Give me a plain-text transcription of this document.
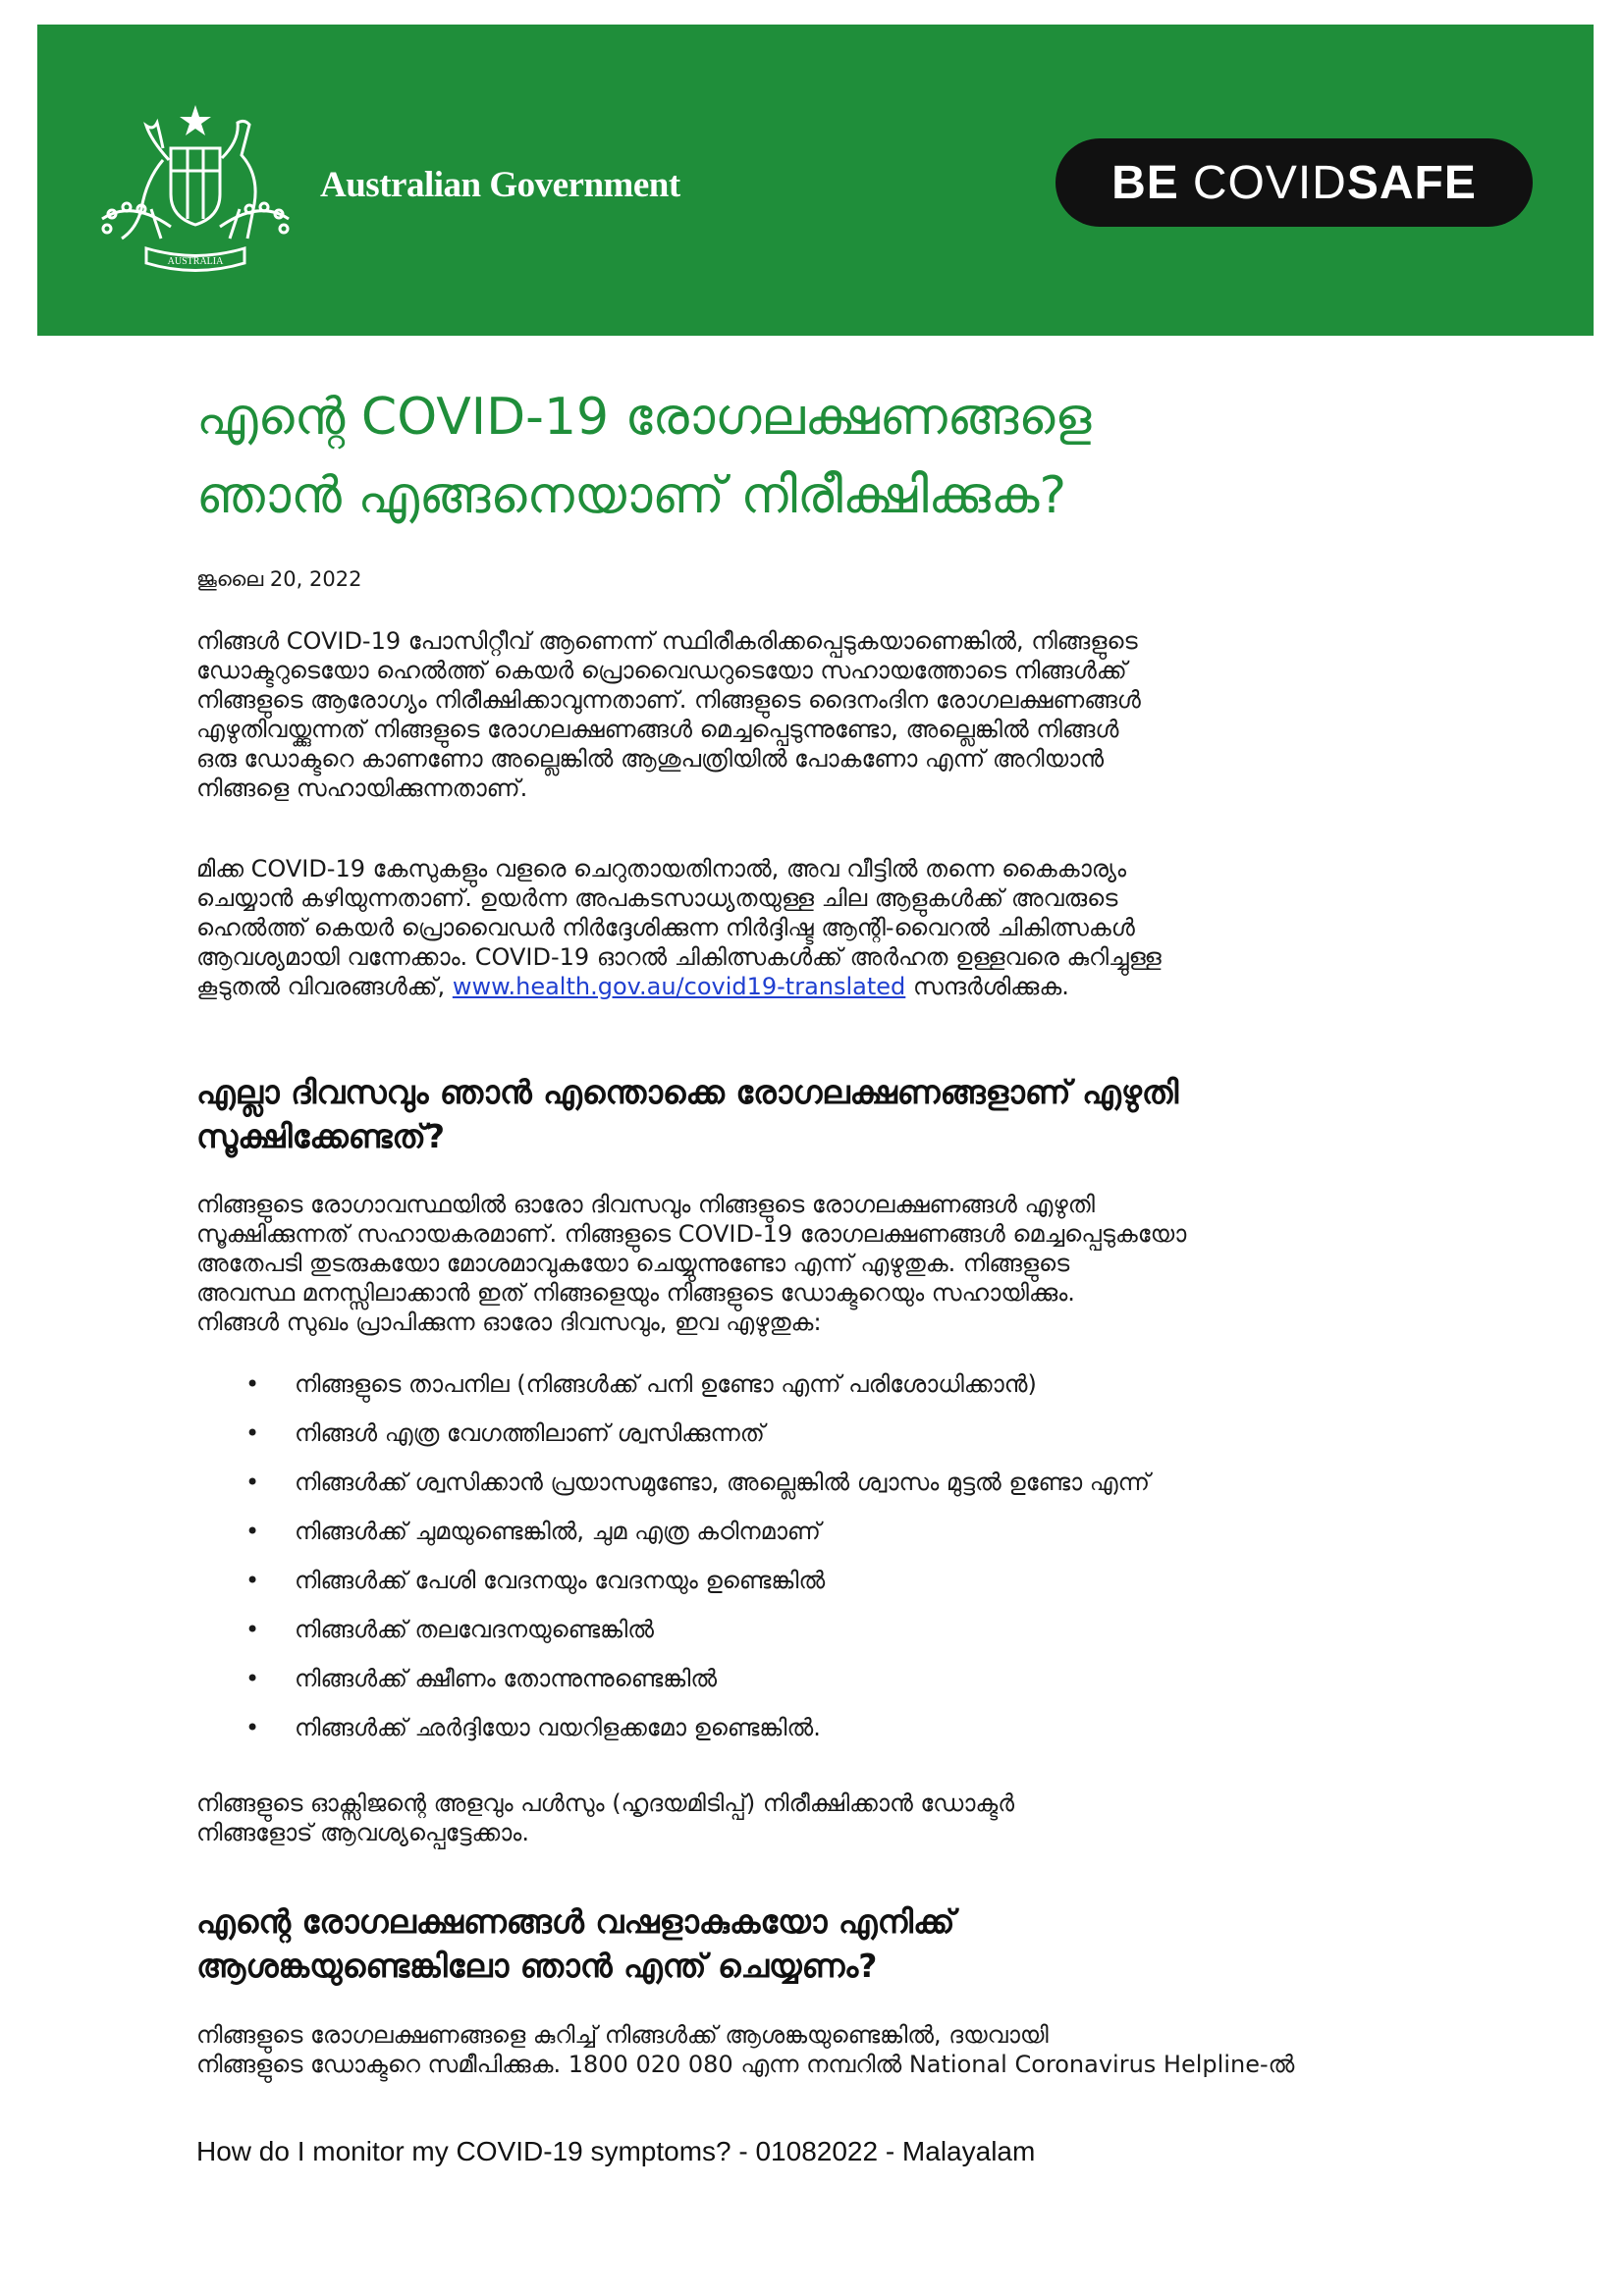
AUSTRALIA
Australian Government	BE COVID SAFE
എന്റെ COVID-19 രോഗലക്ഷണങ്ങളെ
ഞാൻ എങ്ങനെയാണ് നിരീക്ഷിക്കുക?
ജൂലൈ 20, 2022

നിങ്ങൾ COVID-19 പോസിറ്റീവ് ആണെന്ന് സ്ഥിരീകരിക്കപ്പെടുകയാണെങ്കിൽ, നിങ്ങളുടെ
ഡോക്ടറുടെയോ ഹെൽത്ത് കെയർ പ്രൊവൈഡറുടെയോ സഹായത്തോടെ നിങ്ങൾക്ക്
നിങ്ങളുടെ ആരോഗ്യം നിരീക്ഷിക്കാവുന്നതാണ്. നിങ്ങളുടെ ദൈനംദിന രോഗലക്ഷണങ്ങൾ
എഴുതിവയ്ക്കുന്നത് നിങ്ങളുടെ രോഗലക്ഷണങ്ങൾ മെച്ചപ്പെടുന്നുണ്ടോ, അല്ലെങ്കിൽ നിങ്ങൾ
ഒരു ഡോക്ടറെ കാണണോ അല്ലെങ്കിൽ ആശുപത്രിയിൽ പോകണോ എന്ന് അറിയാൻ
നിങ്ങളെ സഹായിക്കുന്നതാണ്.

മിക്ക COVID-19 കേസുകളും വളരെ ചെറുതായതിനാൽ, അവ വീട്ടിൽ തന്നെ കൈകാര്യം
ചെയ്യാൻ കഴിയുന്നതാണ്. ഉയർന്ന അപകടസാധ്യതയുള്ള ചില ആളുകൾക്ക് അവരുടെ
ഹെൽത്ത് കെയർ പ്രൊവൈഡർ നിർദ്ദേശിക്കുന്ന നിർദ്ദിഷ്ട ആന്റി-വൈറൽ ചികിത്സകൾ
ആവശ്യമായി വന്നേക്കാം. COVID-19 ഓറൽ ചികിത്സകൾക്ക് അർഹത ഉള്ളവരെ കുറിച്ചുള്ള
കൂടുതൽ വിവരങ്ങൾക്ക്, www.health.gov.au/covid19-translated സന്ദർശിക്കുക.

എല്ലാ ദിവസവും ഞാൻ എന്തൊക്കെ രോഗലക്ഷണങ്ങളാണ് എഴുതി
സൂക്ഷിക്കേണ്ടത്?

നിങ്ങളുടെ രോഗാവസ്ഥയിൽ ഓരോ ദിവസവും നിങ്ങളുടെ രോഗലക്ഷണങ്ങൾ എഴുതി
സൂക്ഷിക്കുന്നത് സഹായകരമാണ്. നിങ്ങളുടെ COVID-19 രോഗലക്ഷണങ്ങൾ മെച്ചപ്പെടുകയോ
അതേപടി തുടരുകയോ മോശമാവുകയോ ചെയ്യുന്നുണ്ടോ എന്ന് എഴുതുക. നിങ്ങളുടെ
അവസ്ഥ മനസ്സിലാക്കാൻ ഇത് നിങ്ങളെയും നിങ്ങളുടെ ഡോക്ടറെയും സഹായിക്കും.
നിങ്ങൾ സുഖം പ്രാപിക്കുന്ന ഓരോ ദിവസവും, ഇവ എഴുതുക:

• നിങ്ങളുടെ താപനില (നിങ്ങൾക്ക് പനി ഉണ്ടോ എന്ന് പരിശോധിക്കാൻ)
• നിങ്ങൾ എത്ര വേഗത്തിലാണ് ശ്വസിക്കുന്നത്
• നിങ്ങൾക്ക് ശ്വസിക്കാൻ പ്രയാസമുണ്ടോ, അല്ലെങ്കിൽ ശ്വാസം മുട്ടൽ ഉണ്ടോ എന്ന്
• നിങ്ങൾക്ക് ചുമയുണ്ടെങ്കിൽ, ചുമ എത്ര കഠിനമാണ്
• നിങ്ങൾക്ക് പേശി വേദനയും വേദനയും ഉണ്ടെങ്കിൽ
• നിങ്ങൾക്ക് തലവേദനയുണ്ടെങ്കിൽ
• നിങ്ങൾക്ക് ക്ഷീണം തോന്നുന്നുണ്ടെങ്കിൽ
• നിങ്ങൾക്ക് ഛർദ്ദിയോ വയറിളക്കമോ ഉണ്ടെങ്കിൽ.

നിങ്ങളുടെ ഓക്സിജന്റെ അളവും പൾസും (ഹൃദയമിടിപ്പ്) നിരീക്ഷിക്കാൻ ഡോക്ടർ
നിങ്ങളോട് ആവശ്യപ്പെട്ടേക്കാം.

എന്റെ രോഗലക്ഷണങ്ങൾ വഷളാകുകയോ എനിക്ക്
ആശങ്കയുണ്ടെങ്കിലോ ഞാൻ എന്ത് ചെയ്യണം?

നിങ്ങളുടെ രോഗലക്ഷണങ്ങളെ കുറിച്ച് നിങ്ങൾക്ക് ആശങ്കയുണ്ടെങ്കിൽ, ദയവായി
നിങ്ങളുടെ ഡോക്ടറെ സമീപിക്കുക. 1800 020 080 എന്ന നമ്പറിൽ National Coronavirus Helpline-ൽ

How do I monitor my COVID-19 symptoms? - 01082022 - Malayalam
